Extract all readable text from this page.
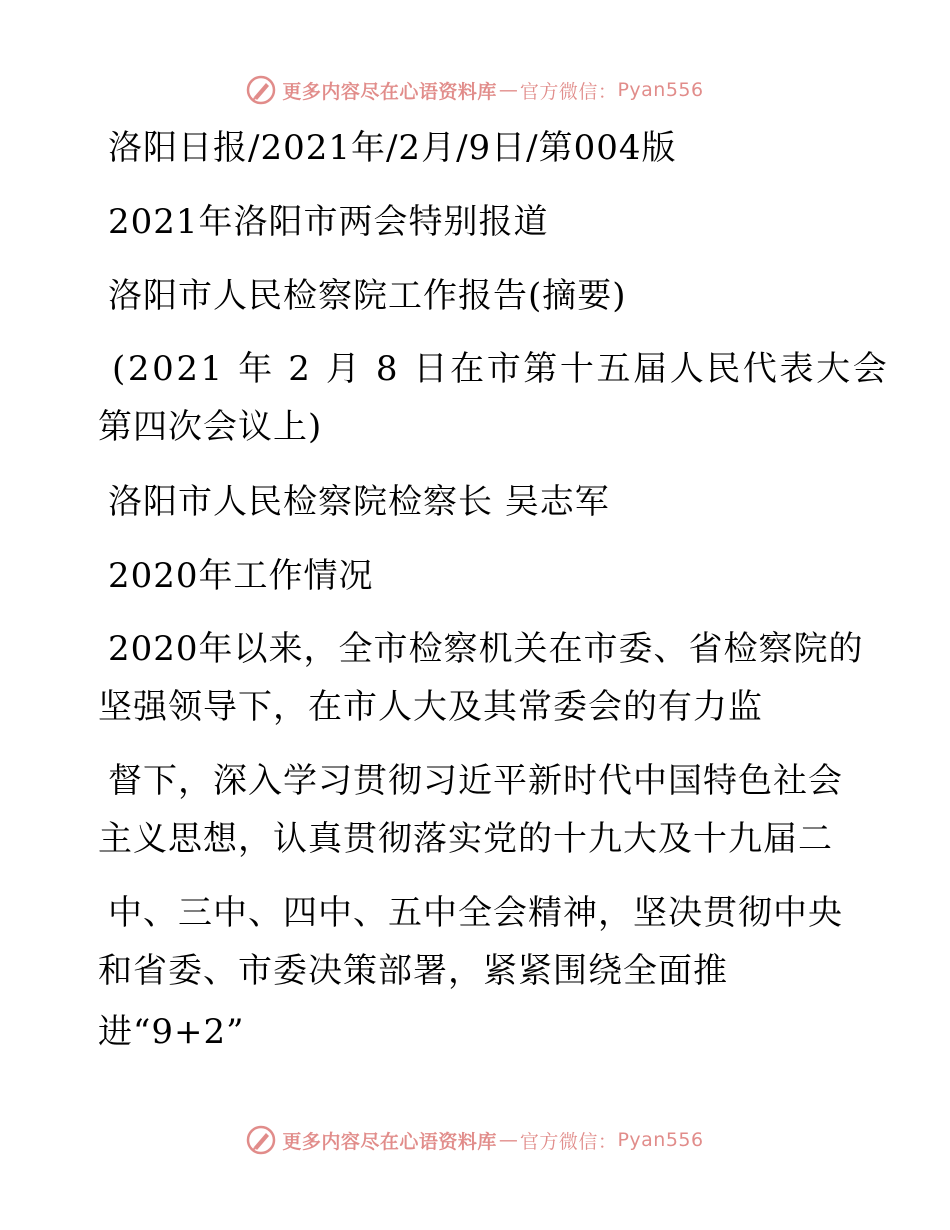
更多内容尽在心语资料库 — 官方微信： Pyan556
洛阳日报/2021年/2月/9日/第004版
2021年洛阳市两会特别报道
洛阳市人民检察院工作报告(摘要)
(2021 年 2 月 8 日在市第十五届人民代表大会
第四次会议上)
洛阳市人民检察院检察长 吴志军
2020年工作情况
2020年以来，全市检察机关在市委、省检察院的
坚强领导下，在市人大及其常委会的有力监
督下，深入学习贯彻习近平新时代中国特色社会
主义思想，认真贯彻落实党的十九大及十九届二
中、三中、四中、五中全会精神，坚决贯彻中央
和省委、市委决策部署，紧紧围绕全面推
进“9+2”
更多内容尽在心语资料库 — 官方微信： Pyan556
